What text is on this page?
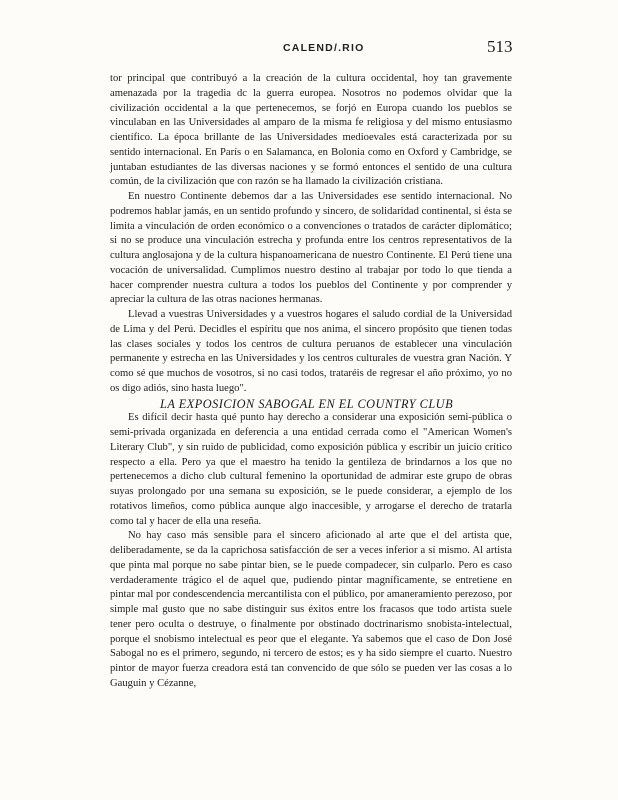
CALEND/.RIO	513

tor principal que contribuyó a la creación de la cultura occidental, hoy tan gravemente amenazada por la tragedia dc la guerra europea. Nosotros no podemos olvidar que la civilización occidental a la que pertenecemos, se forjó en Europa cuando los pueblos se vinculaban en las Universidades al amparo de la misma fe religiosa y del mismo entusiasmo científico. La época brillante de las Universidades medioevales está caracterizada por su sentido internacional. En París o en Salamanca, en Bolonia como en Oxford y Cambridge, se juntaban estudiantes de las diversas naciones y se formó entonces el sentido de una cultura común, de la civilización que con razón se ha llamado la civilización cristiana.

En nuestro Continente debemos dar a las Universidades ese sentido internacional. No podremos hablar jamás, en un sentido profundo y sincero, de solidaridad continental, si ésta se limita a vinculación de orden económico o a convenciones o tratados de carácter diplomático; si no se produce una vinculación estrecha y profunda entre los centros representativos de la cultura anglosajona y de la cultura hispanoamericana de nuestro Continente. El Perú tiene una vocación de universalidad. Cumplimos nuestro destino al trabajar por todo lo que tienda a hacer comprender nuestra cultura a todos los pueblos del Continente y por comprender y apreciar la cultura de las otras naciones hermanas.

Llevad a vuestras Universidades y a vuestros hogares el saludo cordial de la Universidad de Lima y del Perú. Decidles el espíritu que nos anima, el sincero propósito que tienen todas las clases sociales y todos los centros de cultura peruanos de establecer una vinculación permanente y estrecha en las Universidades y los centros culturales de vuestra gran Nación. Y como sé que muchos de vosotros, si no casi todos, trataréis de regresar el año próximo, yo no os digo adiós, sino hasta luego".

LA EXPOSICION SABOGAL EN EL COUNTRY CLUB

Es difícil decir hasta qué punto hay derecho a considerar una exposición semi-pública o semi-privada organizada en deferencia a una entidad cerrada como el "American Women's Literary Club", y sin ruido de publicidad, como exposición pública y escribir un juicio crítico respecto a ella. Pero ya que el maestro ha tenido la gentileza de brindarnos a los que no pertenecemos a dicho club cultural femenino la oportunidad de admirar este grupo de obras suyas prolongado por una semana su exposición, se le puede considerar, a ejemplo de los rotativos limeños, como pública aunque algo inaccesible, y arrogarse el derecho de tratarla como tal y hacer de ella una reseña.

No hay caso más sensible para el sincero aficionado al arte que el del artista que, deliberadamente, se da la caprichosa satisfacción de ser a veces inferior a sí mismo. Al artista que pinta mal porque no sabe pintar bien, se le puede compadecer, sin culparlo. Pero es caso verdaderamente trágico el de aquel que, pudiendo pintar magníficamente, se entretiene en pintar mal por condescendencia mercantilista con el público, por amaneramiento perezoso, por simple mal gusto que no sabe distinguir sus éxitos entre los fracasos que todo artista suele tener pero oculta o destruye, o finalmente por obstinado doctrinarismo snobista-intelectual, porque el snobismo intelectual es peor que el elegante. Ya sabemos que el caso de Don José Sabogal no es el primero, segundo, ni tercero de estos; es y ha sido siempre el cuarto. Nuestro pintor de mayor fuerza creadora está tan convencido de que sólo se pueden ver las cosas a lo Gauguin y Cézanne,
